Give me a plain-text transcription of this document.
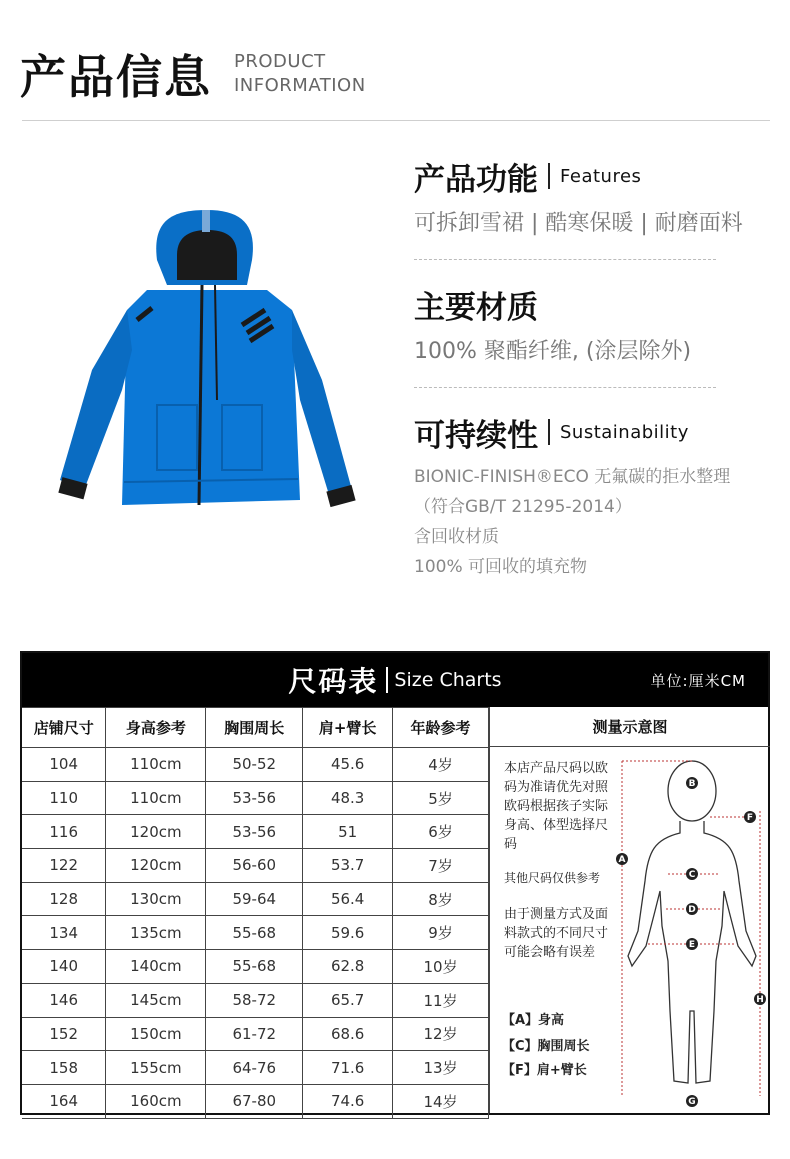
产品信息 PRODUCT
INFORMATION
产品功能 Features
可拆卸雪裙 | 酷寒保暖 | 耐磨面料
主要材质
100% 聚酯纤维, (涂层除外)
可持续性 Sustainability
BIONIC-FINISH®ECO 无氟碳的拒水整理
（符合GB/T 21295-2014）
含回收材质
100% 可回收的填充物
尺码表 Size Charts	单位:厘米CM
店铺尺寸	身高参考	胸围周长	肩+臂长	年龄参考
104	110cm	50-52	45.6	4岁
110	110cm	53-56	48.3	5岁
116	120cm	53-56	51	6岁
122	120cm	56-60	53.7	7岁
128	130cm	59-64	56.4	8岁
134	135cm	55-68	59.6	9岁
140	140cm	55-68	62.8	10岁
146	145cm	58-72	65.7	11岁
152	150cm	61-72	68.6	12岁
158	155cm	64-76	71.6	13岁
164	160cm	67-80	74.6	14岁
测量示意图
本店产品尺码以欧码为准请优先对照欧码根据孩子实际身高、体型选择尺码
其他尺码仅供参考
由于测量方式及面料款式的不同尺寸可能会略有误差
【A】身高
【C】胸围周长
【F】肩+臂长
B
C
D
E
F
A
H
G
